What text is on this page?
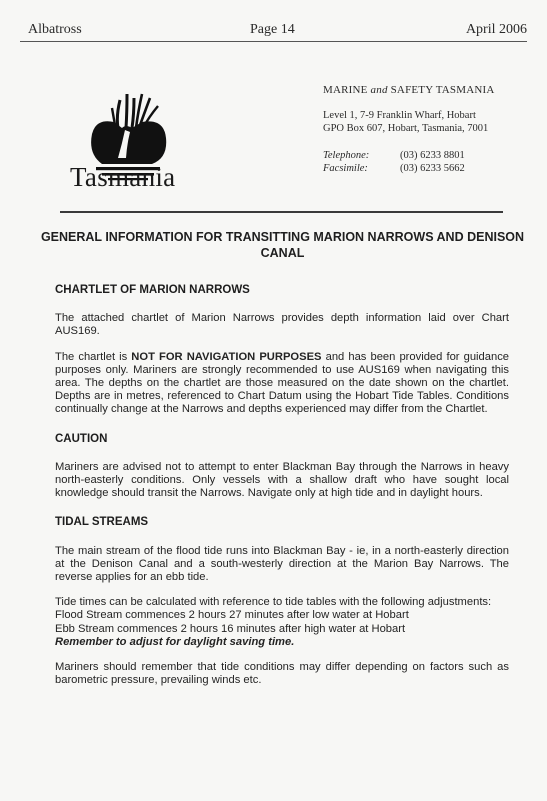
Albatross	Page 14	April 2006
Tasmania
MARINE and SAFETY TASMANIA
Level 1, 7-9 Franklin Wharf, Hobart
GPO Box 607, Hobart, Tasmania, 7001
Telephone:	(03) 6233 8801
Facsimile:	(03) 6233 5662
GENERAL INFORMATION FOR TRANSITTING MARION NARROWS AND DENISON CANAL
CHARTLET OF MARION NARROWS

The attached chartlet of Marion Narrows provides depth information laid over Chart AUS169.

The chartlet is NOT FOR NAVIGATION PURPOSES and has been provided for guidance purposes only. Mariners are strongly recommended to use AUS169 when navigating this area. The depths on the chartlet are those measured on the date shown on the chartlet. Depths are in metres, referenced to Chart Datum using the Hobart Tide Tables. Conditions continually change at the Narrows and depths experienced may differ from the Chartlet.

CAUTION

Mariners are advised not to attempt to enter Blackman Bay through the Narrows in heavy north-easterly conditions. Only vessels with a shallow draft who have sought local knowledge should transit the Narrows. Navigate only at high tide and in daylight hours.

TIDAL STREAMS

The main stream of the flood tide runs into Blackman Bay - ie, in a north-easterly direction at the Denison Canal and a south-westerly direction at the Marion Bay Narrows. The reverse applies for an ebb tide.

Tide times can be calculated with reference to tide tables with the following adjustments:
Flood Stream commences 2 hours 27 minutes after low water at Hobart
Ebb Stream commences 2 hours 16 minutes after high water at Hobart
Remember to adjust for daylight saving time.

Mariners should remember that tide conditions may differ depending on factors such as barometric pressure, prevailing winds etc.
